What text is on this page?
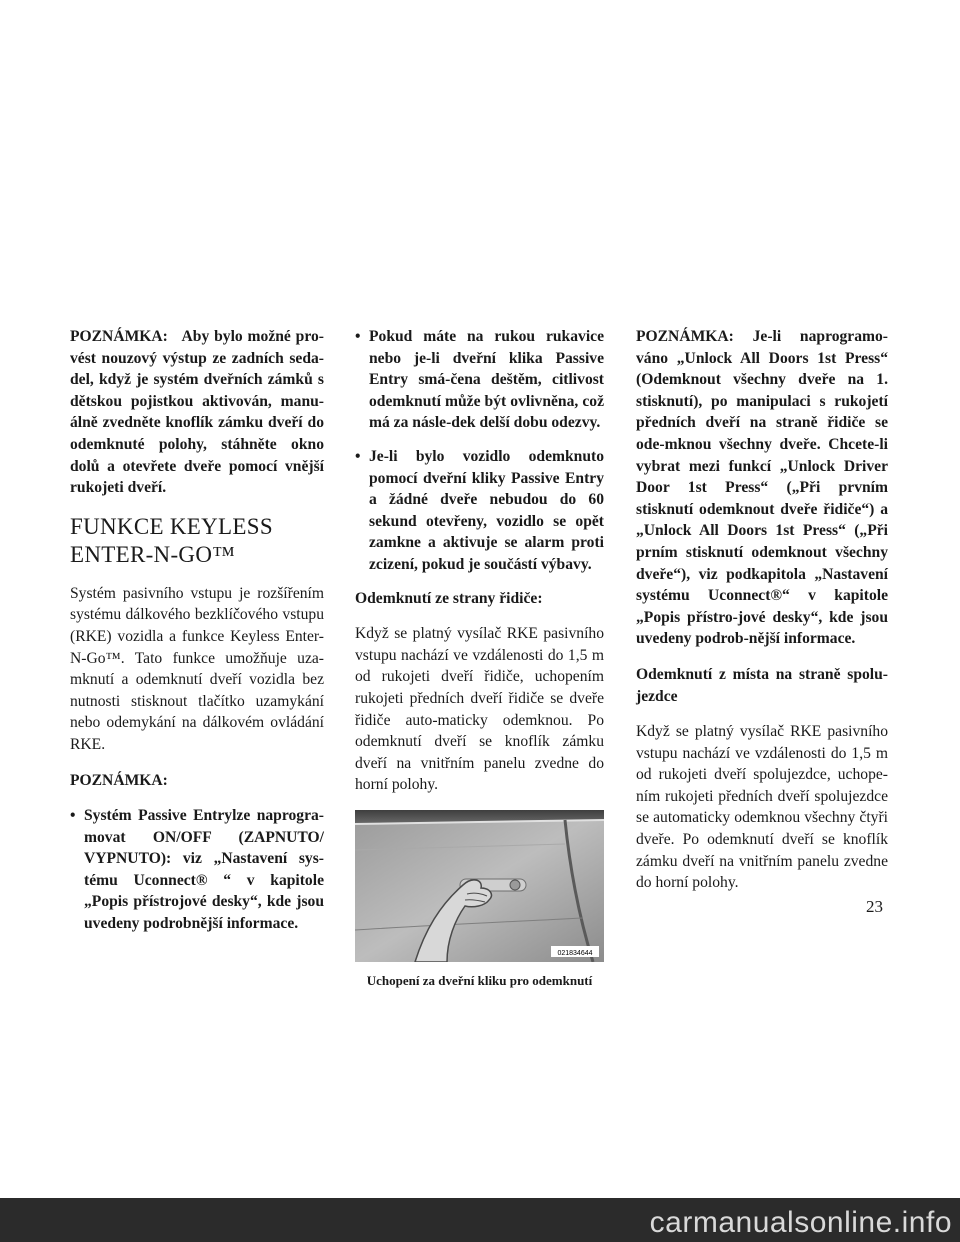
POZNÁMKA: Aby bylo možné pro-vést nouzový výstup ze zadních seda-del, když je systém dveřních zámků s dětskou pojistkou aktivován, manu-álně zvedněte knoflík zámku dveří do odemknuté polohy, stáhněte okno dolů a otevřete dveře pomocí vnější rukojeti dveří.

FUNKCE KEYLESS
ENTER-N-GO™

Systém pasivního vstupu je rozšířením systému dálkového bezklíčového vstupu (RKE) vozidla a funkce Keyless Enter-N-Go™. Tato funkce umožňuje uza-mknutí a odemknutí dveří vozidla bez nutnosti stisknout tlačítko uzamykání nebo odemykání na dálkovém ovládání RKE.

POZNÁMKA:

• Systém Passive Entrylze naprogra-movat ON/OFF (ZAPNUTO/ VYPNUTO): viz „Nastavení sys-tému Uconnect® “ v kapitole „Popis přístrojové desky“, kde jsou uvedeny podrobnější informace.
• Pokud máte na rukou rukavice nebo je-li dveřní klika Passive Entry smá-čena deštěm, citlivost odemknutí může být ovlivněna, což má za násle-dek delší dobu odezvy.
• Je-li bylo vozidlo odemknuto pomocí dveřní kliky Passive Entry a žádné dveře nebudou do 60 sekund otevřeny, vozidlo se opět zamkne a aktivuje se alarm proti zcizení, pokud je součástí výbavy.

Odemknutí ze strany řidiče:

Když se platný vysílač RKE pasivního vstupu nachází ve vzdálenosti do 1,5 m od rukojeti dveří řidiče, uchopením rukojeti předních dveří řidiče se dveře řidiče auto-maticky odemknou. Po odemknutí dveří se knoflík zámku dveří na vnitřním panelu zvedne do horní polohy.

021834644

Uchopení za dveřní kliku pro odemknutí

POZNÁMKA: Je-li naprogramo-váno „Unlock All Doors 1st Press“ (Odemknout všechny dveře na 1. stisknutí), po manipulaci s rukojetí předních dveří na straně řidiče se ode-mknou všechny dveře. Chcete-li vybrat mezi funkcí „Unlock Driver Door 1st Press“ („Při prvním stisknutí odemknout dveře řidiče“) a „Unlock All Doors 1st Press“ („Při prním stisknutí odemknout všechny dveře“), viz podkapitola „Nastavení systému Uconnect®“ v kapitole „Popis přístro-jové desky“, kde jsou uvedeny podrob-nější informace.

Odemknutí z místa na straně spolu-jezdce

Když se platný vysílač RKE pasivního vstupu nachází ve vzdálenosti do 1,5 m od rukojeti dveří spolujezdce, uchope-ním rukojeti předních dveří spolujezdce se automaticky odemknou všechny čtyři dveře. Po odemknutí dveří se knoflík zámku dveří na vnitřním panelu zvedne do horní polohy.

23
carmanualsonline.info
